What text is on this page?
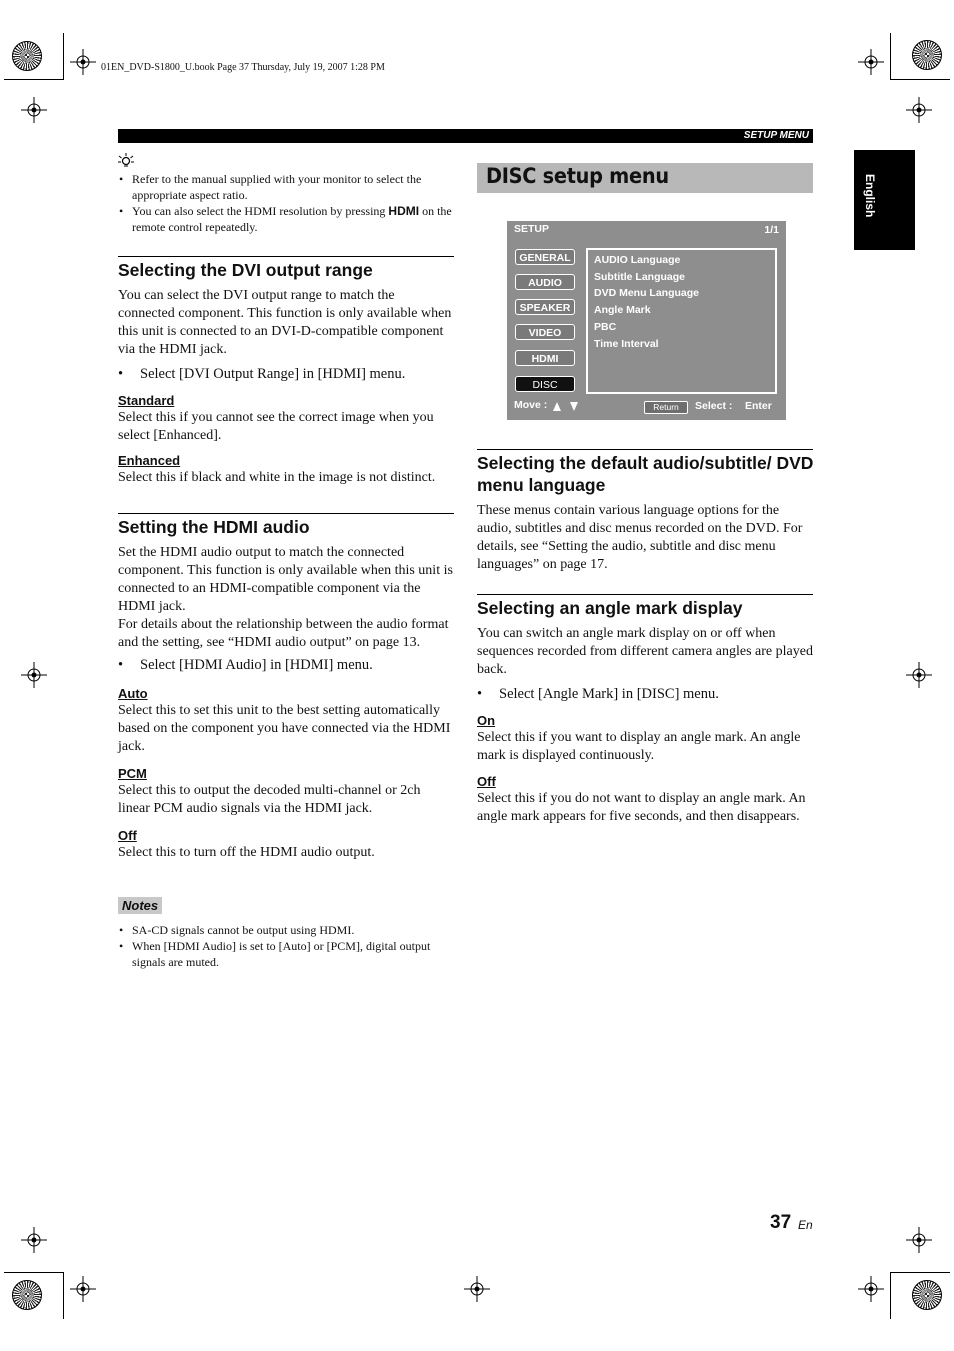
01EN_DVD-S1800_U.book Page 37 Thursday, July 19, 2007 1:28 PM
SETUP MENU
English
• Refer to the manual supplied with your monitor to select the appropriate aspect ratio.
• You can also select the HDMI resolution by pressing HDMI on the remote control repeatedly.
Selecting the DVI output range

You can select the DVI output range to match the connected component. This function is only available when this unit is connected to an DVI-D-compatible component via the HDMI jack.

• Select [DVI Output Range] in [HDMI] menu.

Standard

Select this if you cannot see the correct image when you select [Enhanced].

Enhanced

Select this if black and white in the image is not distinct.

Setting the HDMI audio

Set the HDMI audio output to match the connected component. This function is only available when this unit is connected to an HDMI-compatible component via the HDMI jack.

For details about the relationship between the audio format and the setting, see “HDMI audio output” on page 13.

• Select [HDMI Audio] in [HDMI] menu.

Auto

Select this to set this unit to the best setting automatically based on the component you have connected via the HDMI jack.

PCM

Select this to output the decoded multi-channel or 2ch linear PCM audio signals via the HDMI jack.

Off

Select this to turn off the HDMI audio output.

Notes
• SA-CD signals cannot be output using HDMI.
• When [HDMI Audio] is set to [Auto] or [PCM], digital output signals are muted.
DISC setup menu
SETUP	1/1
GENERAL
AUDIO
SPEAKER
VIDEO
HDMI
DISC
AUDIO Language
Subtitle Language
DVD Menu Language
Angle Mark
PBC
Time Interval
Move :	Return	Select : Enter
Selecting the default audio/subtitle/ DVD menu language

These menus contain various language options for the audio, subtitles and disc menus recorded on the DVD. For details, see “Setting the audio, subtitle and disc menu languages” on page 17.

Selecting an angle mark display

You can switch an angle mark display on or off when sequences recorded from different camera angles are played back.

• Select [Angle Mark] in [DISC] menu.

On

Select this if you want to display an angle mark. An angle mark is displayed continuously.

Off

Select this if you do not want to display an angle mark. An angle mark appears for five seconds, and then disappears.

37 En
